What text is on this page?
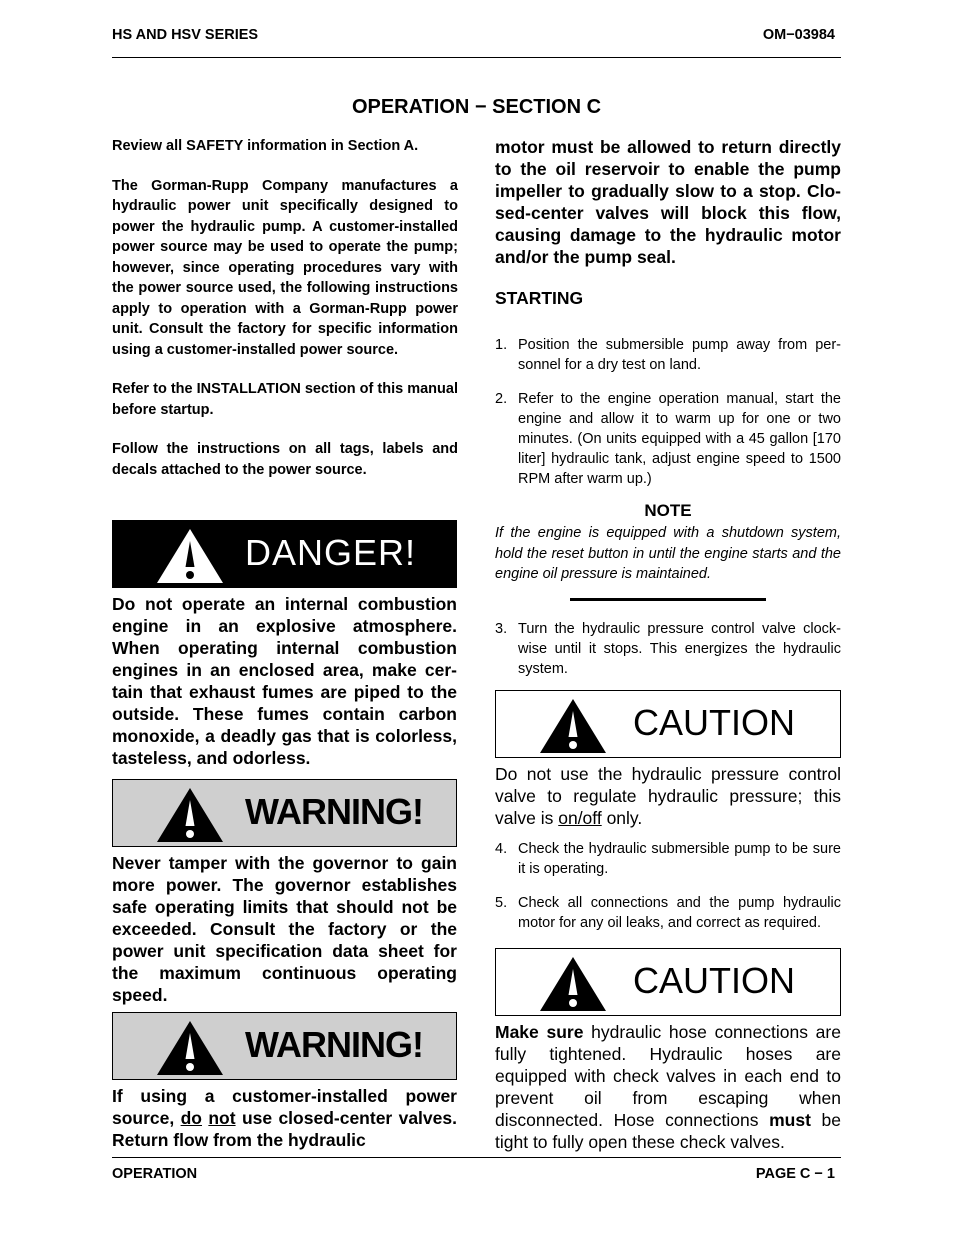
HS AND HSV SERIES	OM−03984
OPERATION − SECTION C

Review all SAFETY information in Section A.

The Gorman-Rupp Company manufactures a hydraulic power unit specifically designed to power the hydraulic pump. A customer-installed power source may be used to operate the pump; however, since operating procedures vary with the power source used, the following instructions apply to operation with a Gorman-Rupp power unit. Consult the factory for specific information using a customer-installed power source.

Refer to the INSTALLATION section of this manual before startup.

Follow the instructions on all tags, labels and decals attached to the power source.

DANGER!

Do not operate an internal combustion engine in an explosive atmosphere. When operating internal combustion engines in an enclosed area, make certain that exhaust fumes are piped to the outside. These fumes contain carbon monoxide, a deadly gas that is colorless, tasteless, and odorless.

WARNING!

Never tamper with the governor to gain more power. The governor establishes safe operating limits that should not be exceeded. Consult the factory or the power unit specification data sheet for the maximum continuous operating speed.

WARNING!

If using a customer-installed power source, do not use closed-center valves. Return flow from the hydraulic

motor must be allowed to return directly to the oil reservoir to enable the pump impeller to gradually slow to a stop. Closed-center valves will block this flow, causing damage to the hydraulic motor and/or the pump seal.

STARTING

1. Position the submersible pump away from personnel for a dry test on land.

2. Refer to the engine operation manual, start the engine and allow it to warm up for one or two minutes. (On units equipped with a 45 gallon [170 liter] hydraulic tank, adjust engine speed to 1500 RPM after warm up.)

NOTE

If the engine is equipped with a shutdown system, hold the reset button in until the engine starts and the engine oil pressure is maintained.

3. Turn the hydraulic pressure control valve clockwise until it stops. This energizes the hydraulic system.

CAUTION

Do not use the hydraulic pressure control valve to regulate hydraulic pressure; this valve is on/off only.

4. Check the hydraulic submersible pump to be sure it is operating.

5. Check all connections and the pump hydraulic motor for any oil leaks, and correct as required.

CAUTION

Make sure hydraulic hose connections are fully tightened. Hydraulic hoses are equipped with check valves in each end to prevent oil from escaping when disconnected. Hose connections must be tight to fully open these check valves.

OPERATION	PAGE C − 1
